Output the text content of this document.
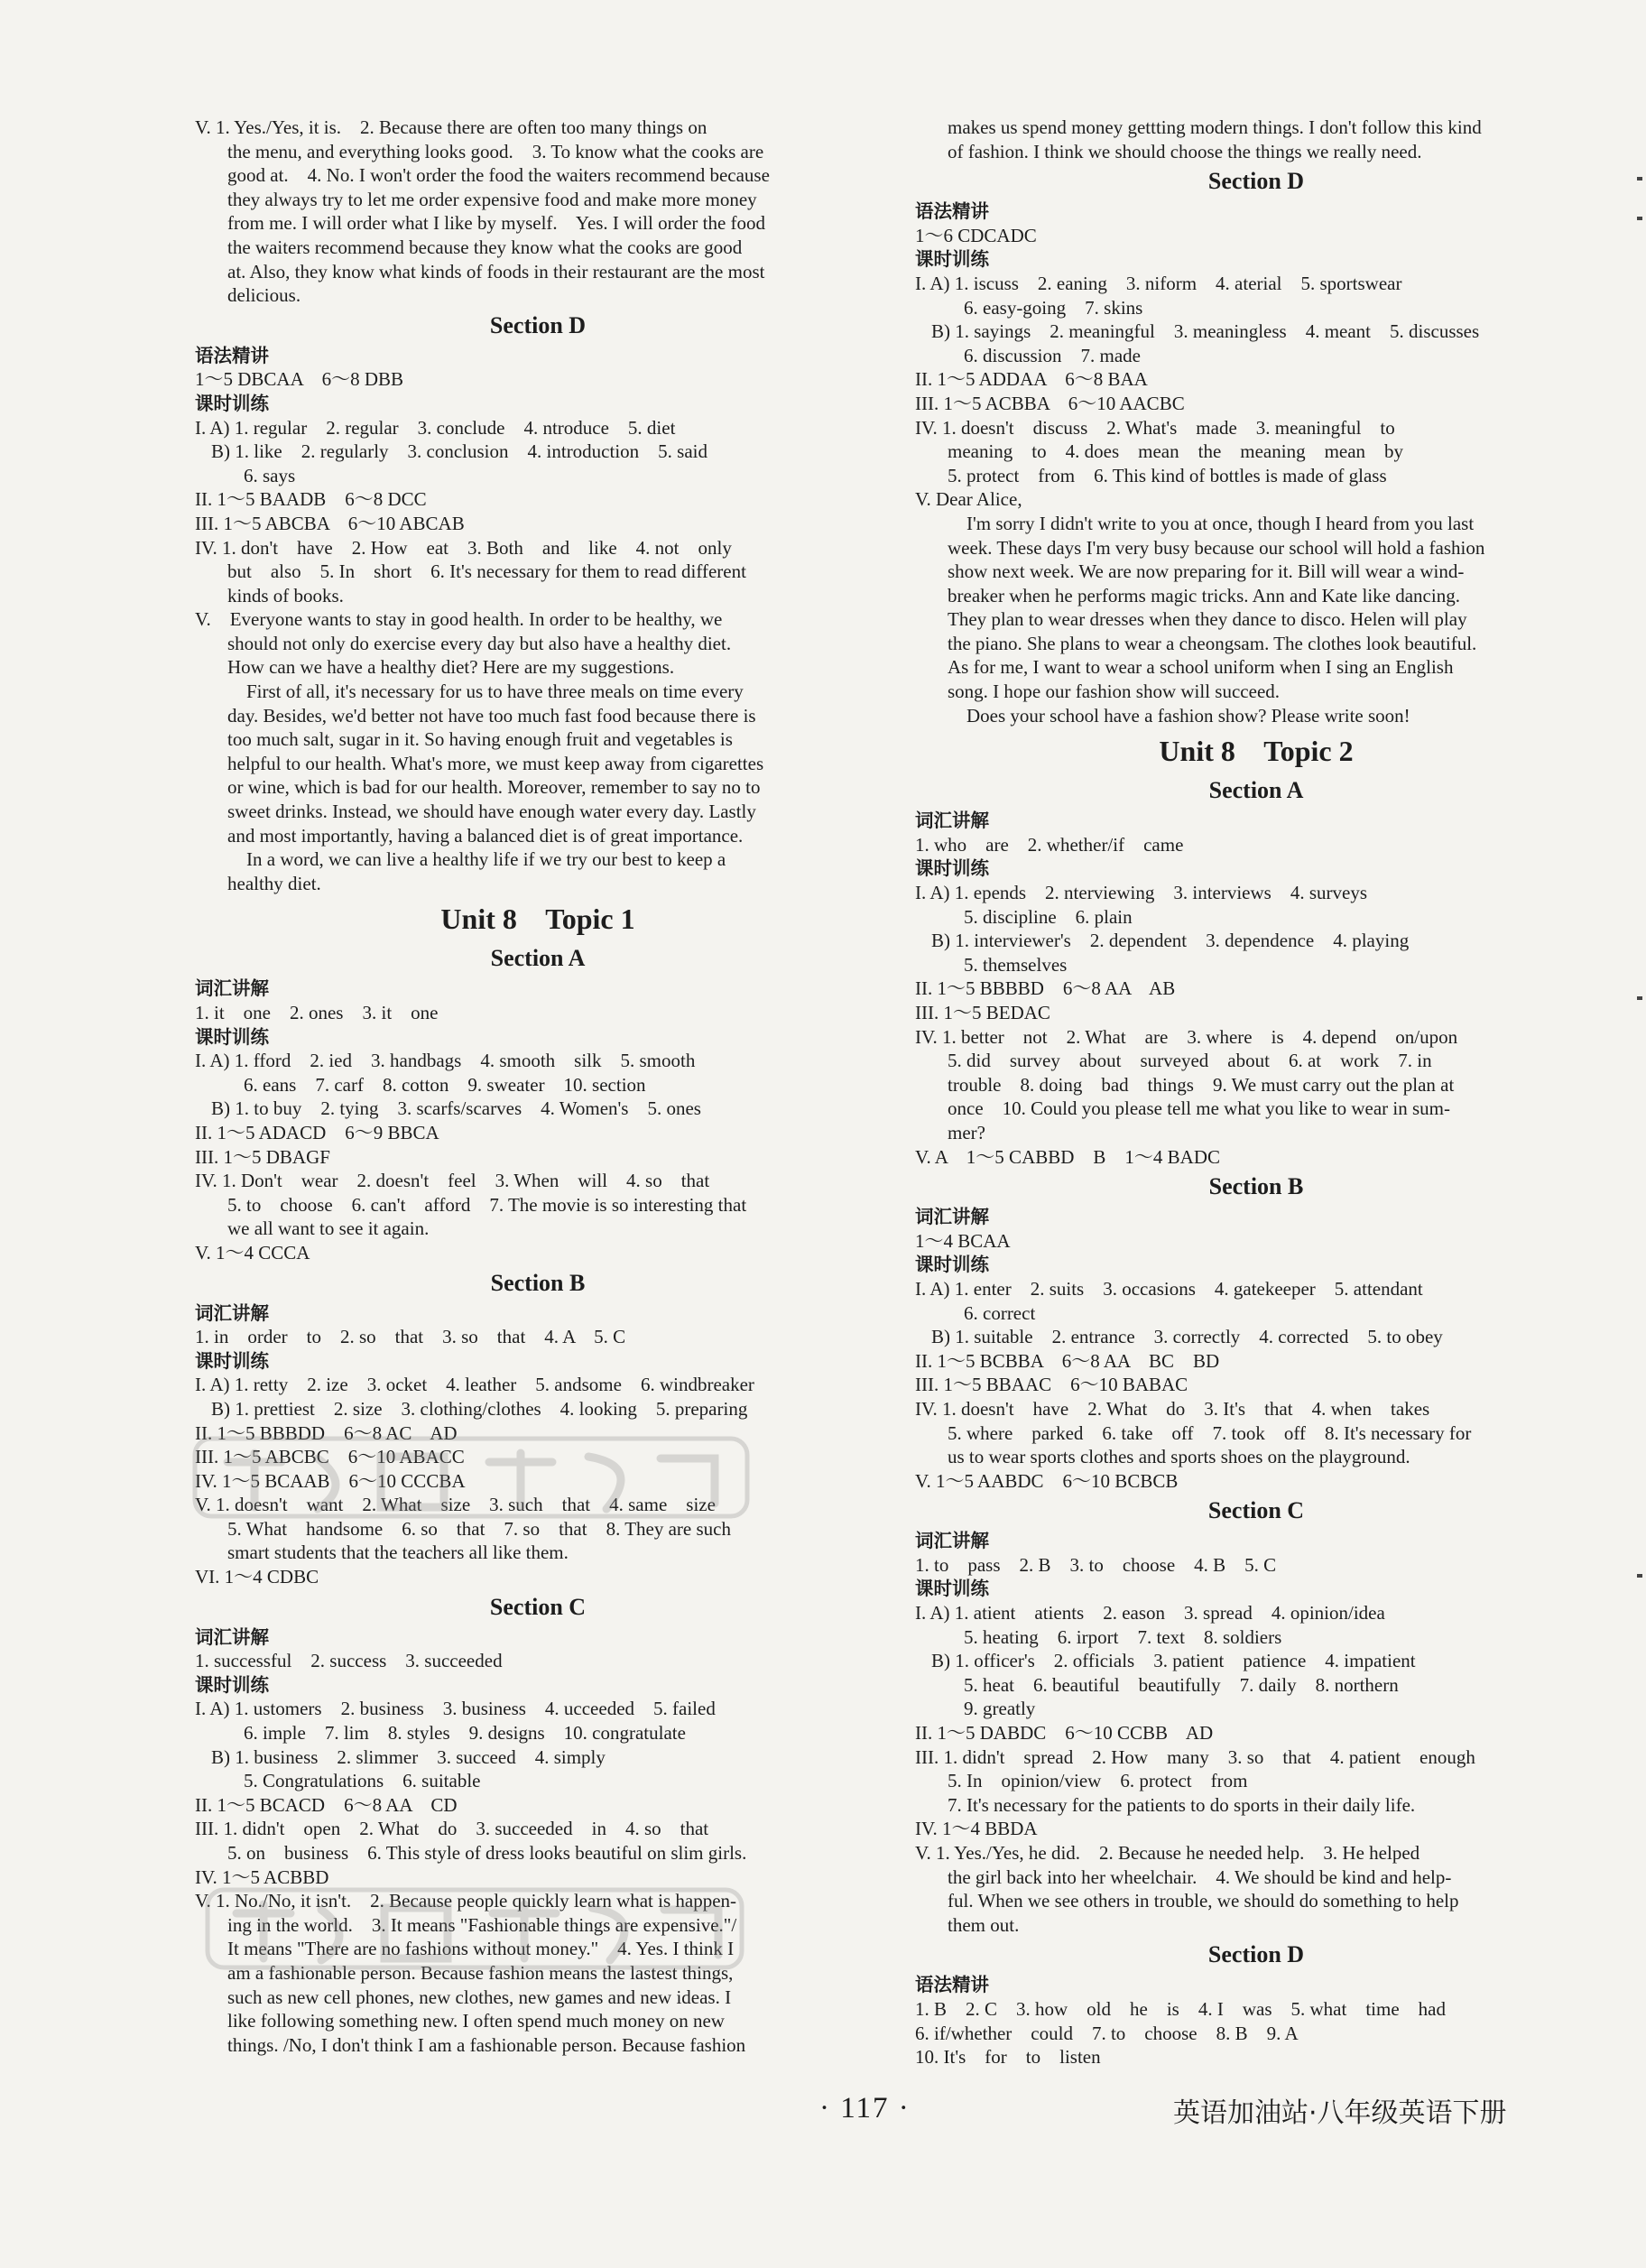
V. 1. Yes./Yes, it is.    2. Because there are often too many things on
the menu, and everything looks good.    3. To know what the cooks are
good at.    4. No. I won't order the food the waiters recommend because
they always try to let me order expensive food and make more money
from me. I will order what I like by myself.    Yes. I will order the food
the waiters recommend because they know what the cooks are good
at. Also, they know what kinds of foods in their restaurant are the most
delicious.
Section D
语法精讲
1～5 DBCAA    6～8 DBB
课时训练
I. A) 1. regular    2. regular    3. conclude    4. ntroduce    5. diet
B) 1. like    2. regularly    3. conclusion    4. introduction    5. said
6. says
II. 1～5 BAADB    6～8 DCC
III. 1～5 ABCBA    6～10 ABCAB
IV. 1. don't    have    2. How    eat    3. Both    and    like    4. not    only
but    also    5. In    short    6. It's necessary for them to read different
kinds of books.
V.    Everyone wants to stay in good health. In order to be healthy, we
should not only do exercise every day but also have a healthy diet.
How can we have a healthy diet? Here are my suggestions.
First of all, it's necessary for us to have three meals on time every
day. Besides, we'd better not have too much fast food because there is
too much salt, sugar in it. So having enough fruit and vegetables is
helpful to our health. What's more, we must keep away from cigarettes
or wine, which is bad for our health. Moreover, remember to say no to
sweet drinks. Instead, we should have enough water every day. Lastly
and most importantly, having a balanced diet is of great importance.
In a word, we can live a healthy life if we try our best to keep a
healthy diet.
Unit 8    Topic 1
Section A
词汇讲解
1. it    one    2. ones    3. it    one
课时训练
I. A) 1. fford    2. ied    3. handbags    4. smooth    silk    5. smooth
6. eans    7. carf    8. cotton    9. sweater    10. section
B) 1. to buy    2. tying    3. scarfs/scarves    4. Women's    5. ones
II. 1～5 ADACD    6～9 BBCA
III. 1～5 DBAGF
IV. 1. Don't    wear    2. doesn't    feel    3. When    will    4. so    that
5. to    choose    6. can't    afford    7. The movie is so interesting that
we all want to see it again.
V. 1～4 CCCA
Section B
词汇讲解
1. in    order    to    2. so    that    3. so    that    4. A    5. C
课时训练
I. A) 1. retty    2. ize    3. ocket    4. leather    5. andsome    6. windbreaker
B) 1. prettiest    2. size    3. clothing/clothes    4. looking    5. preparing
II. 1～5 BBBDD    6～8 AC    AD
III. 1～5 ABCBC    6～10 ABACC
IV. 1～5 BCAAB    6～10 CCCBA
V. 1. doesn't    want    2. What    size    3. such    that    4. same    size
5. What    handsome    6. so    that    7. so    that    8. They are such
smart students that the teachers all like them.
VI. 1～4 CDBC
Section C
词汇讲解
1. successful    2. success    3. succeeded
课时训练
I. A) 1. ustomers    2. business    3. business    4. ucceeded    5. failed
6. imple    7. lim    8. styles    9. designs    10. congratulate
B) 1. business    2. slimmer    3. succeed    4. simply
5. Congratulations    6. suitable
II. 1～5 BCACD    6～8 AA    CD
III. 1. didn't    open    2. What    do    3. succeeded    in    4. so    that
5. on    business    6. This style of dress looks beautiful on slim girls.
IV. 1～5 ACBBD
V. 1. No./No, it isn't.    2. Because people quickly learn what is happen-
ing in the world.    3. It means "Fashionable things are expensive."/
It means "There are no fashions without money."    4. Yes. I think I
am a fashionable person. Because fashion means the lastest things,
such as new cell phones, new clothes, new games and new ideas. I
like following something new. I often spend much money on new
things. /No, I don't think I am a fashionable person. Because fashion
makes us spend money gettting modern things. I don't follow this kind
of fashion. I think we should choose the things we really need.
Section D
语法精讲
1～6 CDCADC
课时训练
I. A) 1. iscuss    2. eaning    3. niform    4. aterial    5. sportswear
6. easy-going    7. skins
B) 1. sayings    2. meaningful    3. meaningless    4. meant    5. discusses
6. discussion    7. made
II. 1～5 ADDAA    6～8 BAA
III. 1～5 ACBBA    6～10 AACBC
IV. 1. doesn't    discuss    2. What's    made    3. meaningful    to
meaning    to    4. does    mean    the    meaning    mean    by
5. protect    from    6. This kind of bottles is made of glass
V. Dear Alice,
I'm sorry I didn't write to you at once, though I heard from you last
week. These days I'm very busy because our school will hold a fashion
show next week. We are now preparing for it. Bill will wear a wind-
breaker when he performs magic tricks. Ann and Kate like dancing.
They plan to wear dresses when they dance to disco. Helen will play
the piano. She plans to wear a cheongsam. The clothes look beautiful.
As for me, I want to wear a school uniform when I sing an English
song. I hope our fashion show will succeed.
Does your school have a fashion show? Please write soon!
Unit 8    Topic 2
Section A
词汇讲解
1. who    are    2. whether/if    came
课时训练
I. A) 1. epends    2. nterviewing    3. interviews    4. surveys
5. discipline    6. plain
B) 1. interviewer's    2. dependent    3. dependence    4. playing
5. themselves
II. 1～5 BBBBD    6～8 AA    AB
III. 1～5 BEDAC
IV. 1. better    not    2. What    are    3. where    is    4. depend    on/upon
5. did    survey    about    surveyed    about    6. at    work    7. in
trouble    8. doing    bad    things    9. We must carry out the plan at
once    10. Could you please tell me what you like to wear in sum-
mer?
V. A    1～5 CABBD    B    1～4 BADC
Section B
词汇讲解
1～4 BCAA
课时训练
I. A) 1. enter    2. suits    3. occasions    4. gatekeeper    5. attendant
6. correct
B) 1. suitable    2. entrance    3. correctly    4. corrected    5. to obey
II. 1～5 BCBBA    6～8 AA    BC    BD
III. 1～5 BBAAC    6～10 BABAC
IV. 1. doesn't    have    2. What    do    3. It's    that    4. when    takes
5. where    parked    6. take    off    7. took    off    8. It's necessary for
us to wear sports clothes and sports shoes on the playground.
V. 1～5 AABDC    6～10 BCBCB
Section C
词汇讲解
1. to    pass    2. B    3. to    choose    4. B    5. C
课时训练
I. A) 1. atient    atients    2. eason    3. spread    4. opinion/idea
5. heating    6. irport    7. text    8. soldiers
B) 1. officer's    2. officials    3. patient    patience    4. impatient
5. heat    6. beautiful    beautifully    7. daily    8. northern
9. greatly
II. 1～5 DABDC    6～10 CCBB    AD
III. 1. didn't    spread    2. How    many    3. so    that    4. patient    enough
5. In    opinion/view    6. protect    from
7. It's necessary for the patients to do sports in their daily life.
IV. 1～4 BBDA
V. 1. Yes./Yes, he did.    2. Because he needed help.    3. He helped
the girl back into her wheelchair.    4. We should be kind and help-
ful. When we see others in trouble, we should do something to help
them out.
Section D
语法精讲
1. B    2. C    3. how    old    he    is    4. I    was    5. what    time    had
6. if/whether    could    7. to    choose    8. B    9. A
10. It's    for    to    listen
· 117 ·	英语加油站·八年级英语下册
